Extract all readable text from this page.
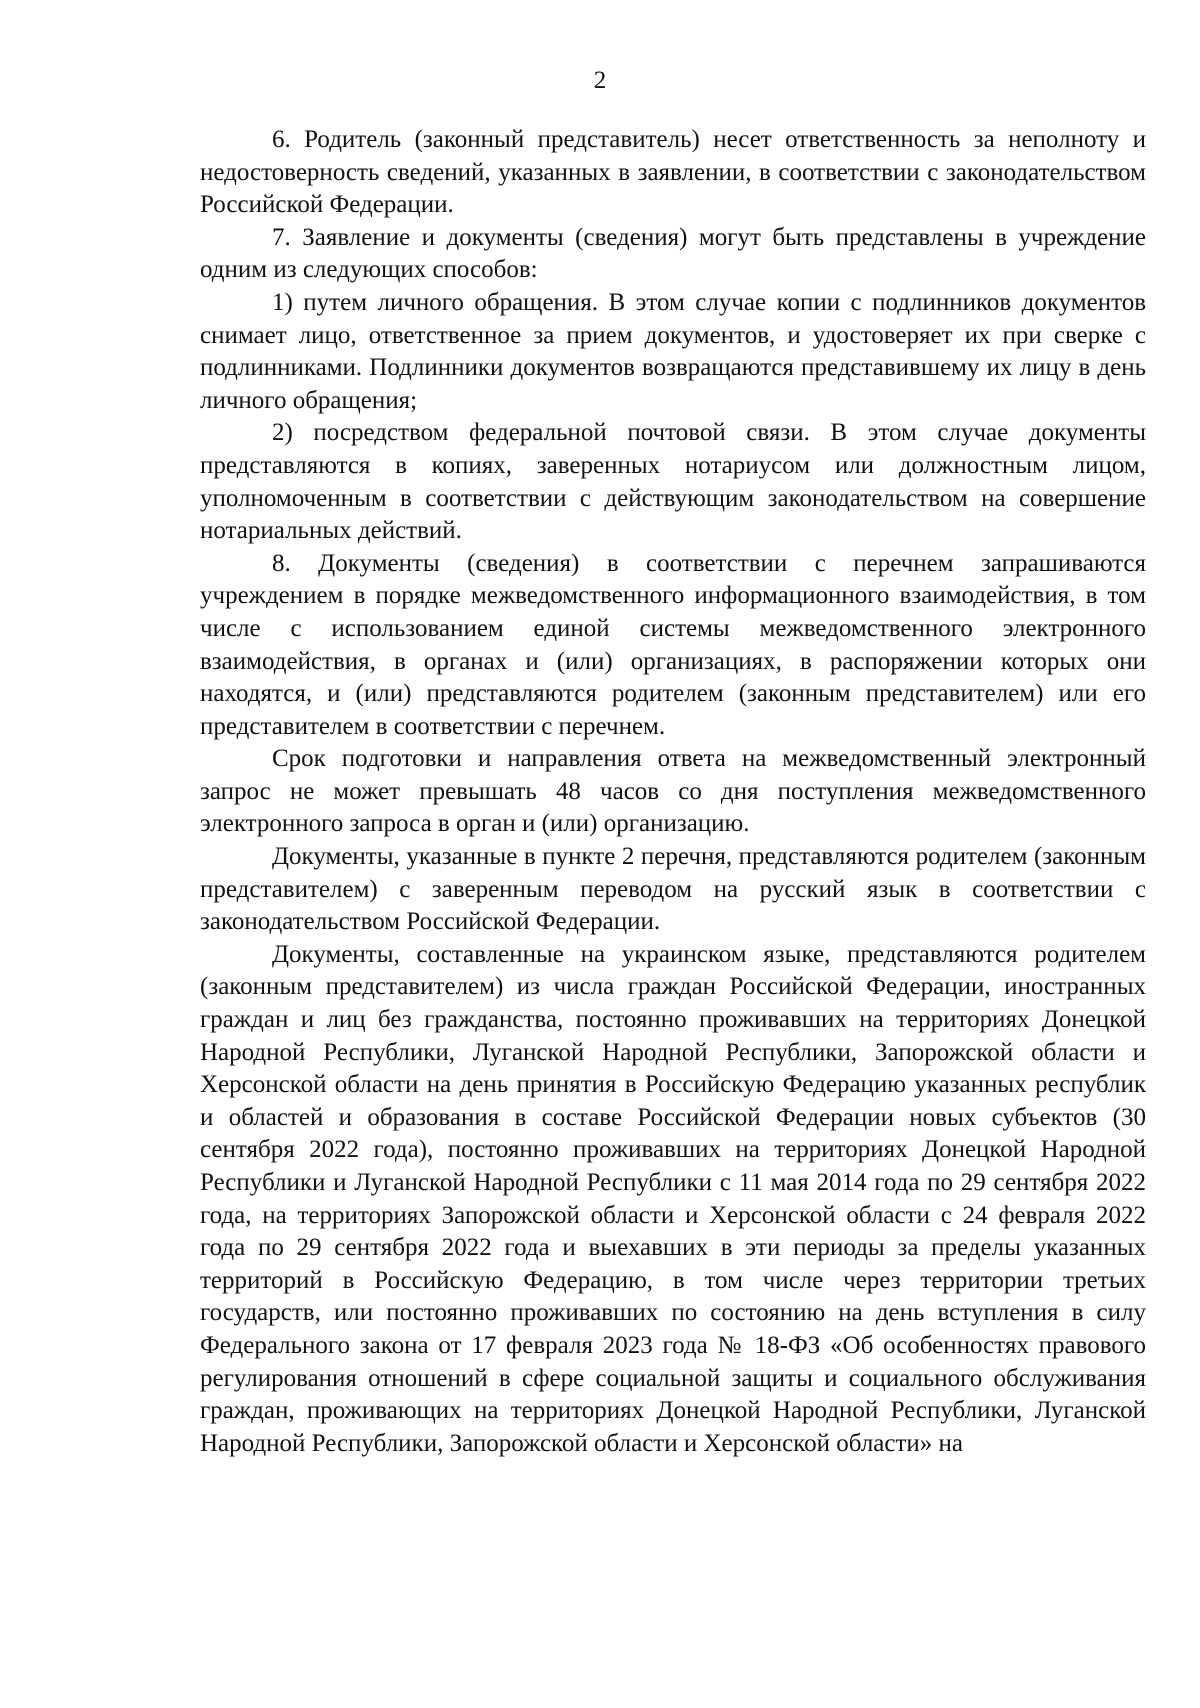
2

6. Родитель (законный представитель) несет ответственность за неполноту и недостоверность сведений, указанных в заявлении, в соответствии с законодательством Российской Федерации.

7. Заявление и документы (сведения) могут быть представлены в учреждение одним из следующих способов:

1) путем личного обращения. В этом случае копии с подлинников документов снимает лицо, ответственное за прием документов, и удостоверяет их при сверке с подлинниками. Подлинники документов возвращаются представившему их лицу в день личного обращения;

2) посредством федеральной почтовой связи. В этом случае документы представляются в копиях, заверенных нотариусом или должностным лицом, уполномоченным в соответствии с действующим законодательством на совершение нотариальных действий.

8. Документы (сведения) в соответствии с перечнем запрашиваются учреждением в порядке межведомственного информационного взаимодействия, в том числе с использованием единой системы межведомственного электронного взаимодействия, в органах и (или) организациях, в распоряжении которых они находятся, и (или) представляются родителем (законным представителем) или его представителем в соответствии с перечнем.

Срок подготовки и направления ответа на межведомственный электронный запрос не может превышать 48 часов со дня поступления межведомственного электронного запроса в орган и (или) организацию.

Документы, указанные в пункте 2 перечня, представляются родителем (законным представителем) с заверенным переводом на русский язык в соответствии с законодательством Российской Федерации.

Документы, составленные на украинском языке, представляются родителем (законным представителем) из числа граждан Российской Федерации, иностранных граждан и лиц без гражданства, постоянно проживавших на территориях Донецкой Народной Республики, Луганской Народной Республики, Запорожской области и Херсонской области на день принятия в Российскую Федерацию указанных республик и областей и образования в составе Российской Федерации новых субъектов (30 сентября 2022 года), постоянно проживавших на территориях Донецкой Народной Республики и Луганской Народной Республики с 11 мая 2014 года по 29 сентября 2022 года, на территориях Запорожской области и Херсонской области с 24 февраля 2022 года по 29 сентября 2022 года и выехавших в эти периоды за пределы указанных территорий в Российскую Федерацию, в том числе через территории третьих государств, или постоянно проживавших по состоянию на день вступления в силу Федерального закона от 17 февраля 2023 года № 18-ФЗ «Об особенностях правового регулирования отношений в сфере социальной защиты и социального обслуживания граждан, проживающих на территориях Донецкой Народной Республики, Луганской Народной Республики, Запорожской области и Херсонской области» на
